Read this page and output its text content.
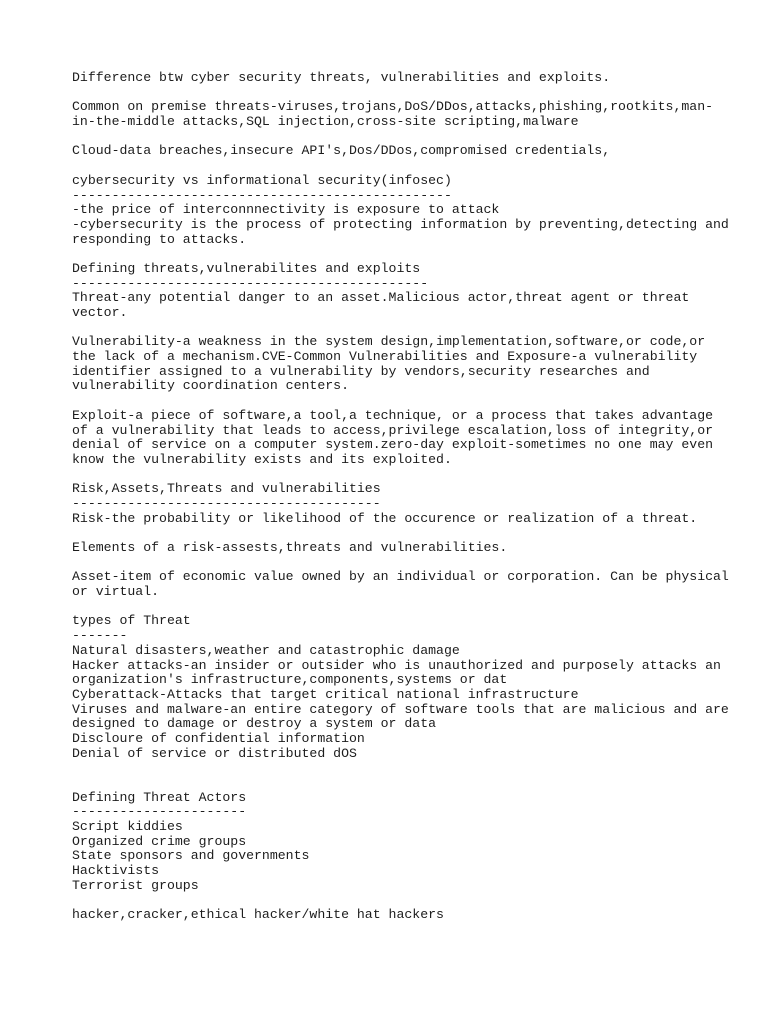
Difference btw cyber security threats, vulnerabilities and exploits.
Common on premise threats-viruses,trojans,DoS/DDos,attacks,phishing,rootkits,man-
in-the-middle attacks,SQL injection,cross-site scripting,malware
Cloud-data breaches,insecure API's,Dos/DDos,compromised credentials,
cybersecurity vs informational security(infosec)
------------------------------------------------
-the price of interconnnectivity is exposure to attack
-cybersecurity is the process of protecting information by preventing,detecting and
responding to attacks.
Defining threats,vulnerabilites and exploits
---------------------------------------------
Threat-any potential danger to an asset.Malicious actor,threat agent or threat
vector.
Vulnerability-a weakness in the system design,implementation,software,or code,or
the lack of a mechanism.CVE-Common Vulnerabilities and Exposure-a vulnerability
identifier assigned to a vulnerability by vendors,security researches and
vulnerability coordination centers.
Exploit-a piece of software,a tool,a technique, or a process that takes advantage
of a vulnerability that leads to access,privilege escalation,loss of integrity,or
denial of service on a computer system.zero-day exploit-sometimes no one may even
know the vulnerability exists and its exploited.
Risk,Assets,Threats and vulnerabilities
---------------------------------------
Risk-the probability or likelihood of the occurence or realization of a threat.
Elements of a risk-assests,threats and vulnerabilities.
Asset-item of economic value owned by an individual or corporation. Can be physical
or virtual.
types of Threat
-------
Natural disasters,weather and catastrophic damage
Hacker attacks-an insider or outsider who is unauthorized and purposely attacks an
organization's infrastructure,components,systems or dat
Cyberattack-Attacks that target critical national infrastructure
Viruses and malware-an entire category of software tools that are malicious and are
designed to damage or destroy a system or data
Discloure of confidential information
Denial of service or distributed dOS
Defining Threat Actors
----------------------
Script kiddies
Organized crime groups
State sponsors and governments
Hacktivists
Terrorist groups
hacker,cracker,ethical hacker/white hat hackers
